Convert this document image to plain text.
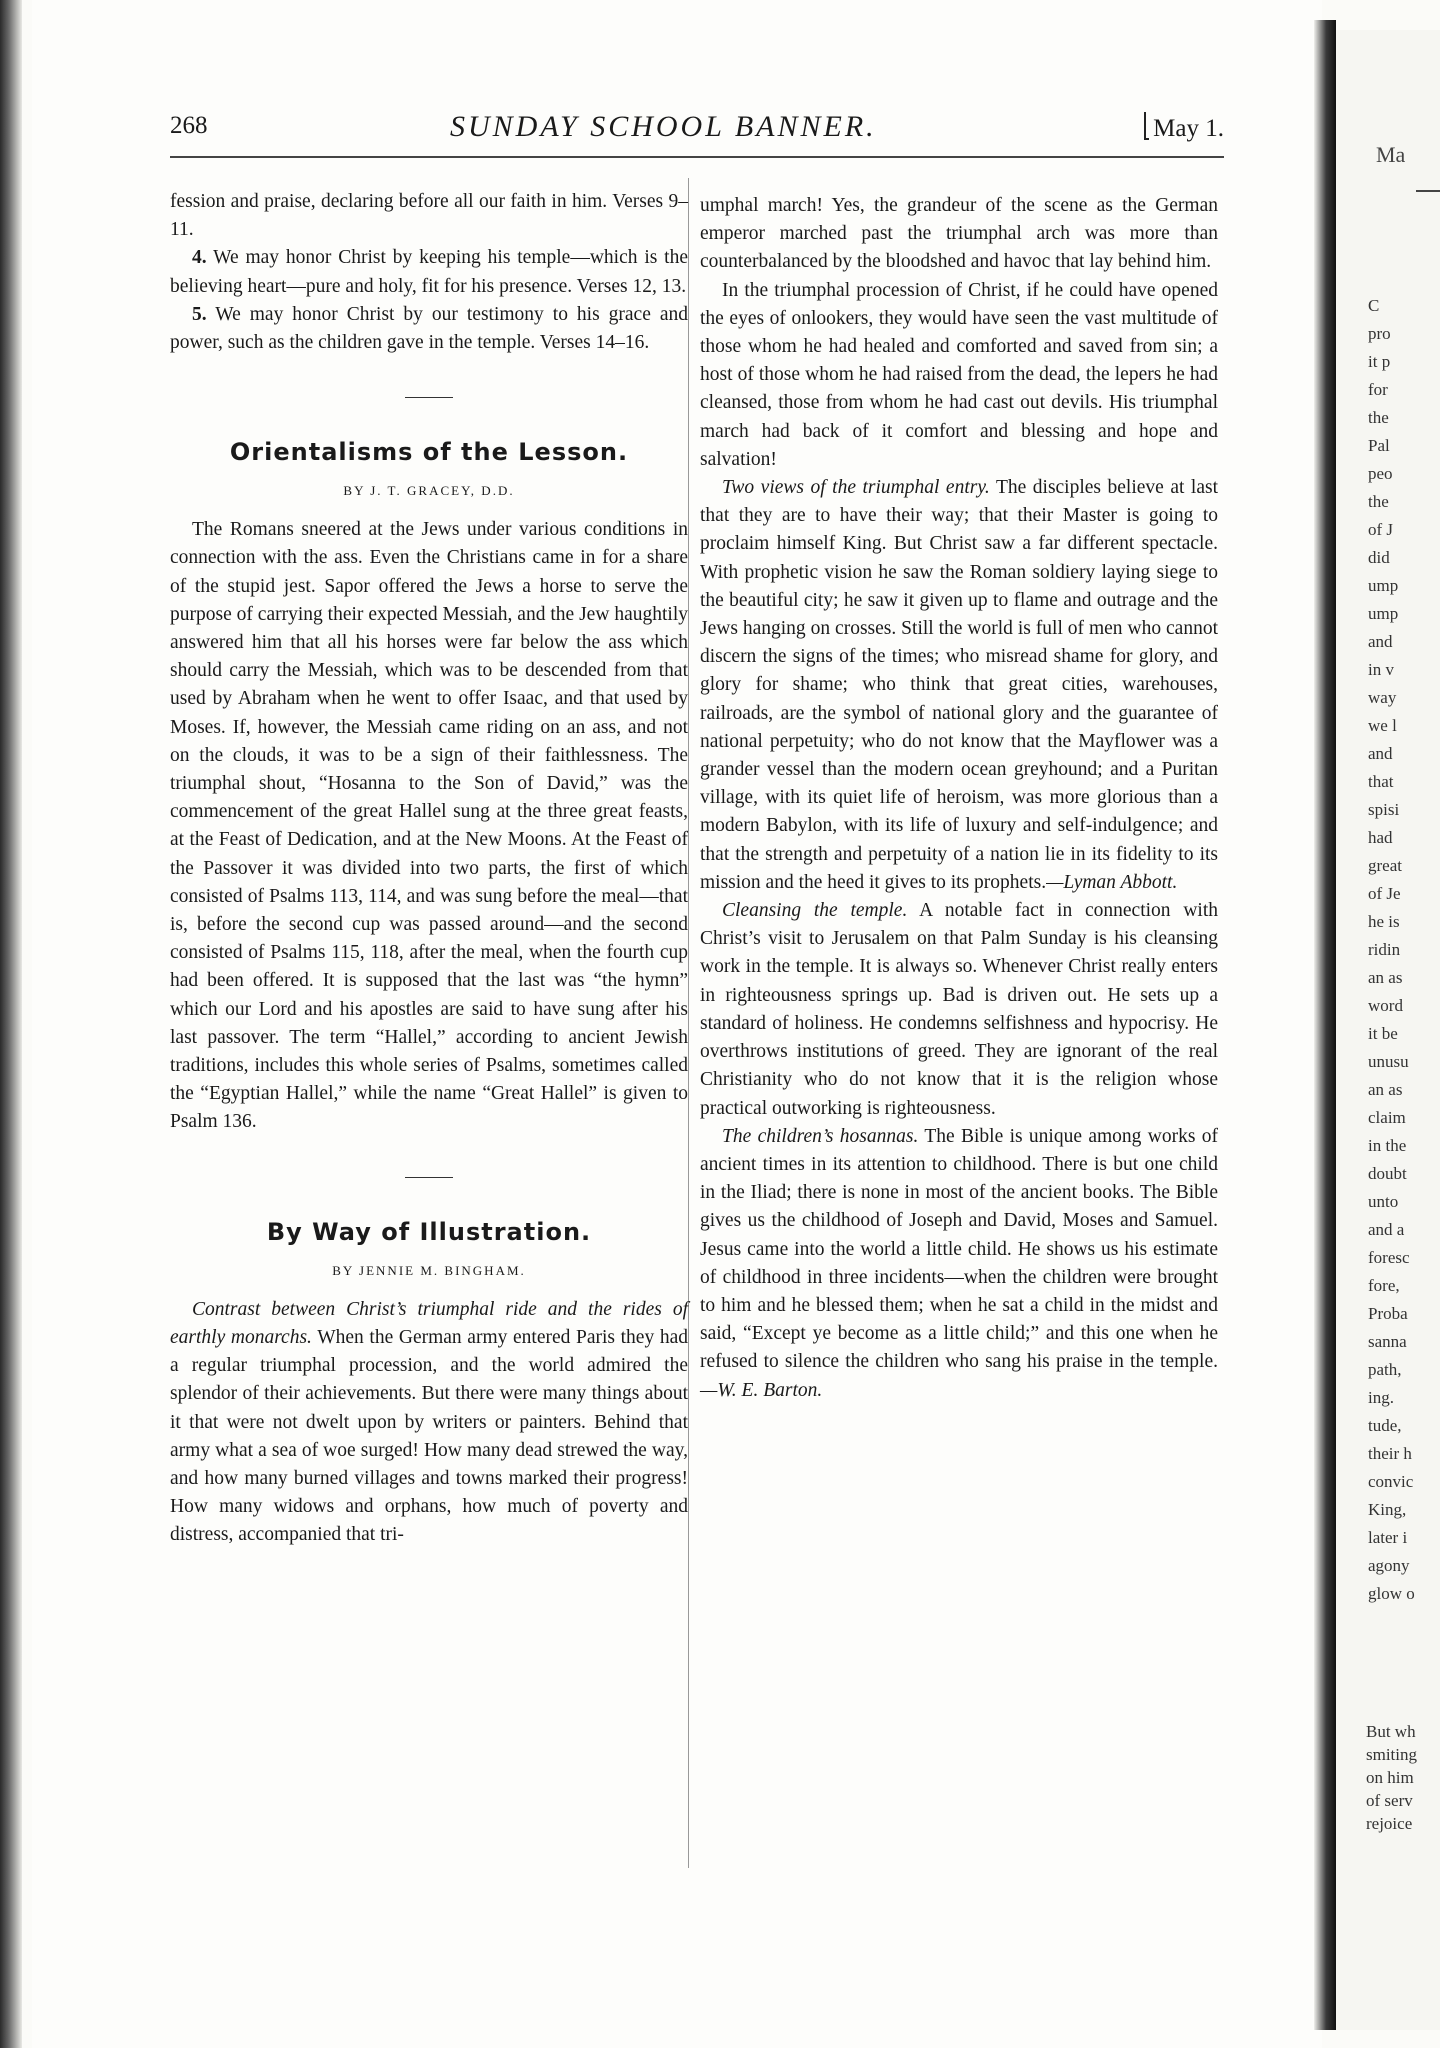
268	SUNDAY SCHOOL BANNER.	May 1.

fession and praise, declaring before all our faith in him. Verses 9–11.

4. We may honor Christ by keeping his temple—which is the believing heart—pure and holy, fit for his presence. Verses 12, 13.

5. We may honor Christ by our testimony to his grace and power, such as the children gave in the temple. Verses 14–16.

Orientalisms of the Lesson.
BY J. T. GRACEY, D.D.

The Romans sneered at the Jews under various conditions in connection with the ass. Even the Christians came in for a share of the stupid jest. Sapor offered the Jews a horse to serve the purpose of carrying their expected Messiah, and the Jew haughtily answered him that all his horses were far below the ass which should carry the Messiah, which was to be descended from that used by Abraham when he went to offer Isaac, and that used by Moses. If, however, the Messiah came riding on an ass, and not on the clouds, it was to be a sign of their faithlessness. The triumphal shout, “Hosanna to the Son of David,” was the commencement of the great Hallel sung at the three great feasts, at the Feast of Dedication, and at the New Moons. At the Feast of the Passover it was divided into two parts, the first of which consisted of Psalms 113, 114, and was sung before the meal—that is, before the second cup was passed around—and the second consisted of Psalms 115, 118, after the meal, when the fourth cup had been offered. It is supposed that the last was “the hymn” which our Lord and his apostles are said to have sung after his last passover. The term “Hallel,” according to ancient Jewish traditions, includes this whole series of Psalms, sometimes called the “Egyptian Hallel,” while the name “Great Hallel” is given to Psalm 136.

By Way of Illustration.
BY JENNIE M. BINGHAM.

Contrast between Christ’s triumphal ride and the rides of earthly monarchs. When the German army entered Paris they had a regular triumphal procession, and the world admired the splendor of their achievements. But there were many things about it that were not dwelt upon by writers or painters. Behind that army what a sea of woe surged! How many dead strewed the way, and how many burned villages and towns marked their progress! How many widows and orphans, how much of poverty and distress, accompanied that tri-

umphal march! Yes, the grandeur of the scene as the German emperor marched past the triumphal arch was more than counterbalanced by the bloodshed and havoc that lay behind him.

In the triumphal procession of Christ, if he could have opened the eyes of onlookers, they would have seen the vast multitude of those whom he had healed and comforted and saved from sin; a host of those whom he had raised from the dead, the lepers he had cleansed, those from whom he had cast out devils. His triumphal march had back of it comfort and blessing and hope and salvation!

Two views of the triumphal entry. The disciples believe at last that they are to have their way; that their Master is going to proclaim himself King. But Christ saw a far different spectacle. With prophetic vision he saw the Roman soldiery laying siege to the beautiful city; he saw it given up to flame and outrage and the Jews hanging on crosses. Still the world is full of men who cannot discern the signs of the times; who misread shame for glory, and glory for shame; who think that great cities, warehouses, railroads, are the symbol of national glory and the guarantee of national perpetuity; who do not know that the Mayflower was a grander vessel than the modern ocean greyhound; and a Puritan village, with its quiet life of heroism, was more glorious than a modern Babylon, with its life of luxury and self-indulgence; and that the strength and perpetuity of a nation lie in its fidelity to its mission and the heed it gives to its prophets.—Lyman Abbott.

Cleansing the temple. A notable fact in connection with Christ’s visit to Jerusalem on that Palm Sunday is his cleansing work in the temple. It is always so. Whenever Christ really enters in righteousness springs up. Bad is driven out. He sets up a standard of holiness. He condemns selfishness and hypocrisy. He overthrows institutions of greed. They are ignorant of the real Christianity who do not know that it is the religion whose practical outworking is righteousness.

The children’s hosannas. The Bible is unique among works of ancient times in its attention to childhood. There is but one child in the Iliad; there is none in most of the ancient books. The Bible gives us the childhood of Joseph and David, Moses and Samuel. Jesus came into the world a little child. He shows us his estimate of childhood in three incidents—when the children were brought to him and he blessed them; when he sat a child in the midst and said, “Except ye become as a little child;” and this one when he refused to silence the children who sang his praise in the temple.—W. E. Barton.

Ma
C
pro
it p
for
the
Pal
peo
the
of J
did
ump
ump
and
in v
way
we l
and
that
spisi
had
great
of Je
he is
ridin
an as
word
it be
unusu
an as
claim
in the
doubt
unto
and a
foresc
fore,
Proba
sanna
path,
ing.
tude,
their h
convic
King,
later i
agony
glow o
But wh
smiting
on him
of serv
rejoice
